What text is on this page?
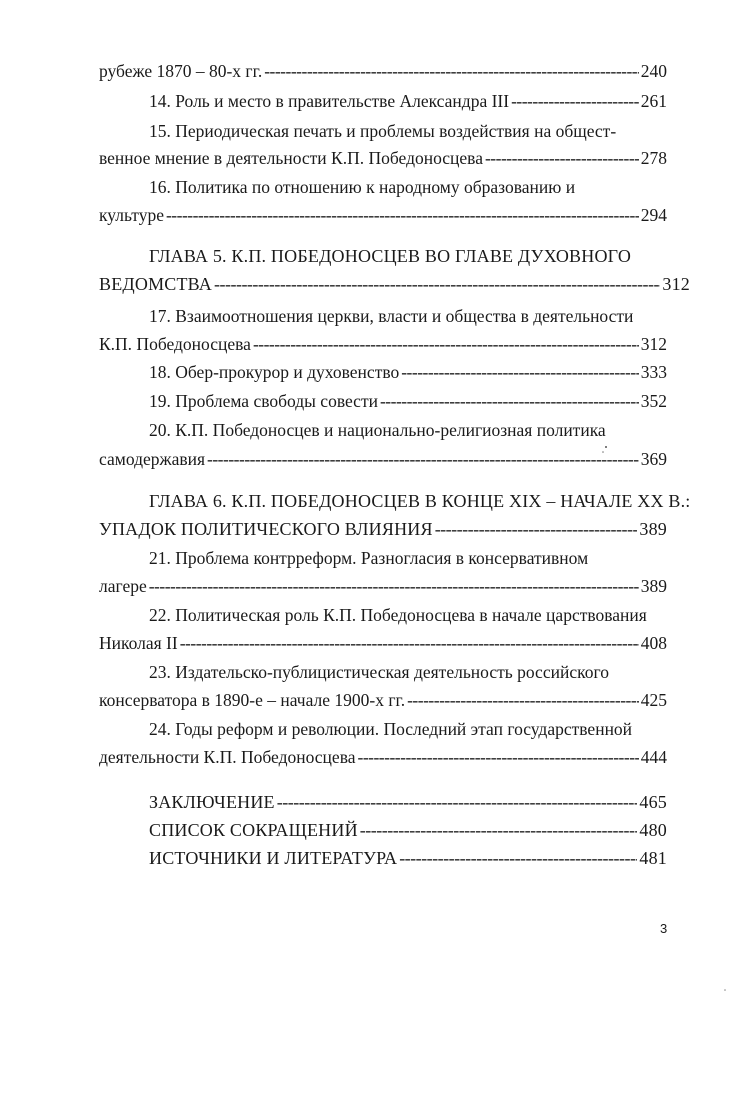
рубеже 1870 – 80-х гг. -----	240
14. Роль и место в правительстве Александра III -----	261
15. Периодическая печать и проблемы воздействия на общест-
венное мнение в деятельности К.П. Победоносцева -----	278
16. Политика по отношению к народному образованию и
культуре -----	294
ГЛАВА 5. К.П. ПОБЕДОНОСЦЕВ ВО ГЛАВЕ ДУХОВНОГО
ВЕДОМСТВА -----	312
17. Взаимоотношения церкви, власти и общества в деятельности
К.П. Победоносцева -----	312
18. Обер-прокурор и духовенство -----	333
19. Проблема свободы совести -----	352
20. К.П. Победоносцев и национально-религиозная политика
самодержавия -----	369
ГЛАВА 6. К.П. ПОБЕДОНОСЦЕВ В КОНЦЕ XIX – НАЧАЛЕ XX В.:
УПАДОК ПОЛИТИЧЕСКОГО ВЛИЯНИЯ -----	389
21. Проблема контрреформ. Разногласия в консервативном
лагере -----	389
22. Политическая роль К.П. Победоносцева в начале царствования
Николая II -----	408
23. Издательско-публицистическая деятельность российского
консерватора в 1890-е – начале 1900-х гг. -----	425
24. Годы реформ и революции. Последний этап государственной
деятельности К.П. Победоносцева -----	444
ЗАКЛЮЧЕНИЕ -----	465
СПИСОК СОКРАЩЕНИЙ -----	480
ИСТОЧНИКИ И ЛИТЕРАТУРА -----	481
3
